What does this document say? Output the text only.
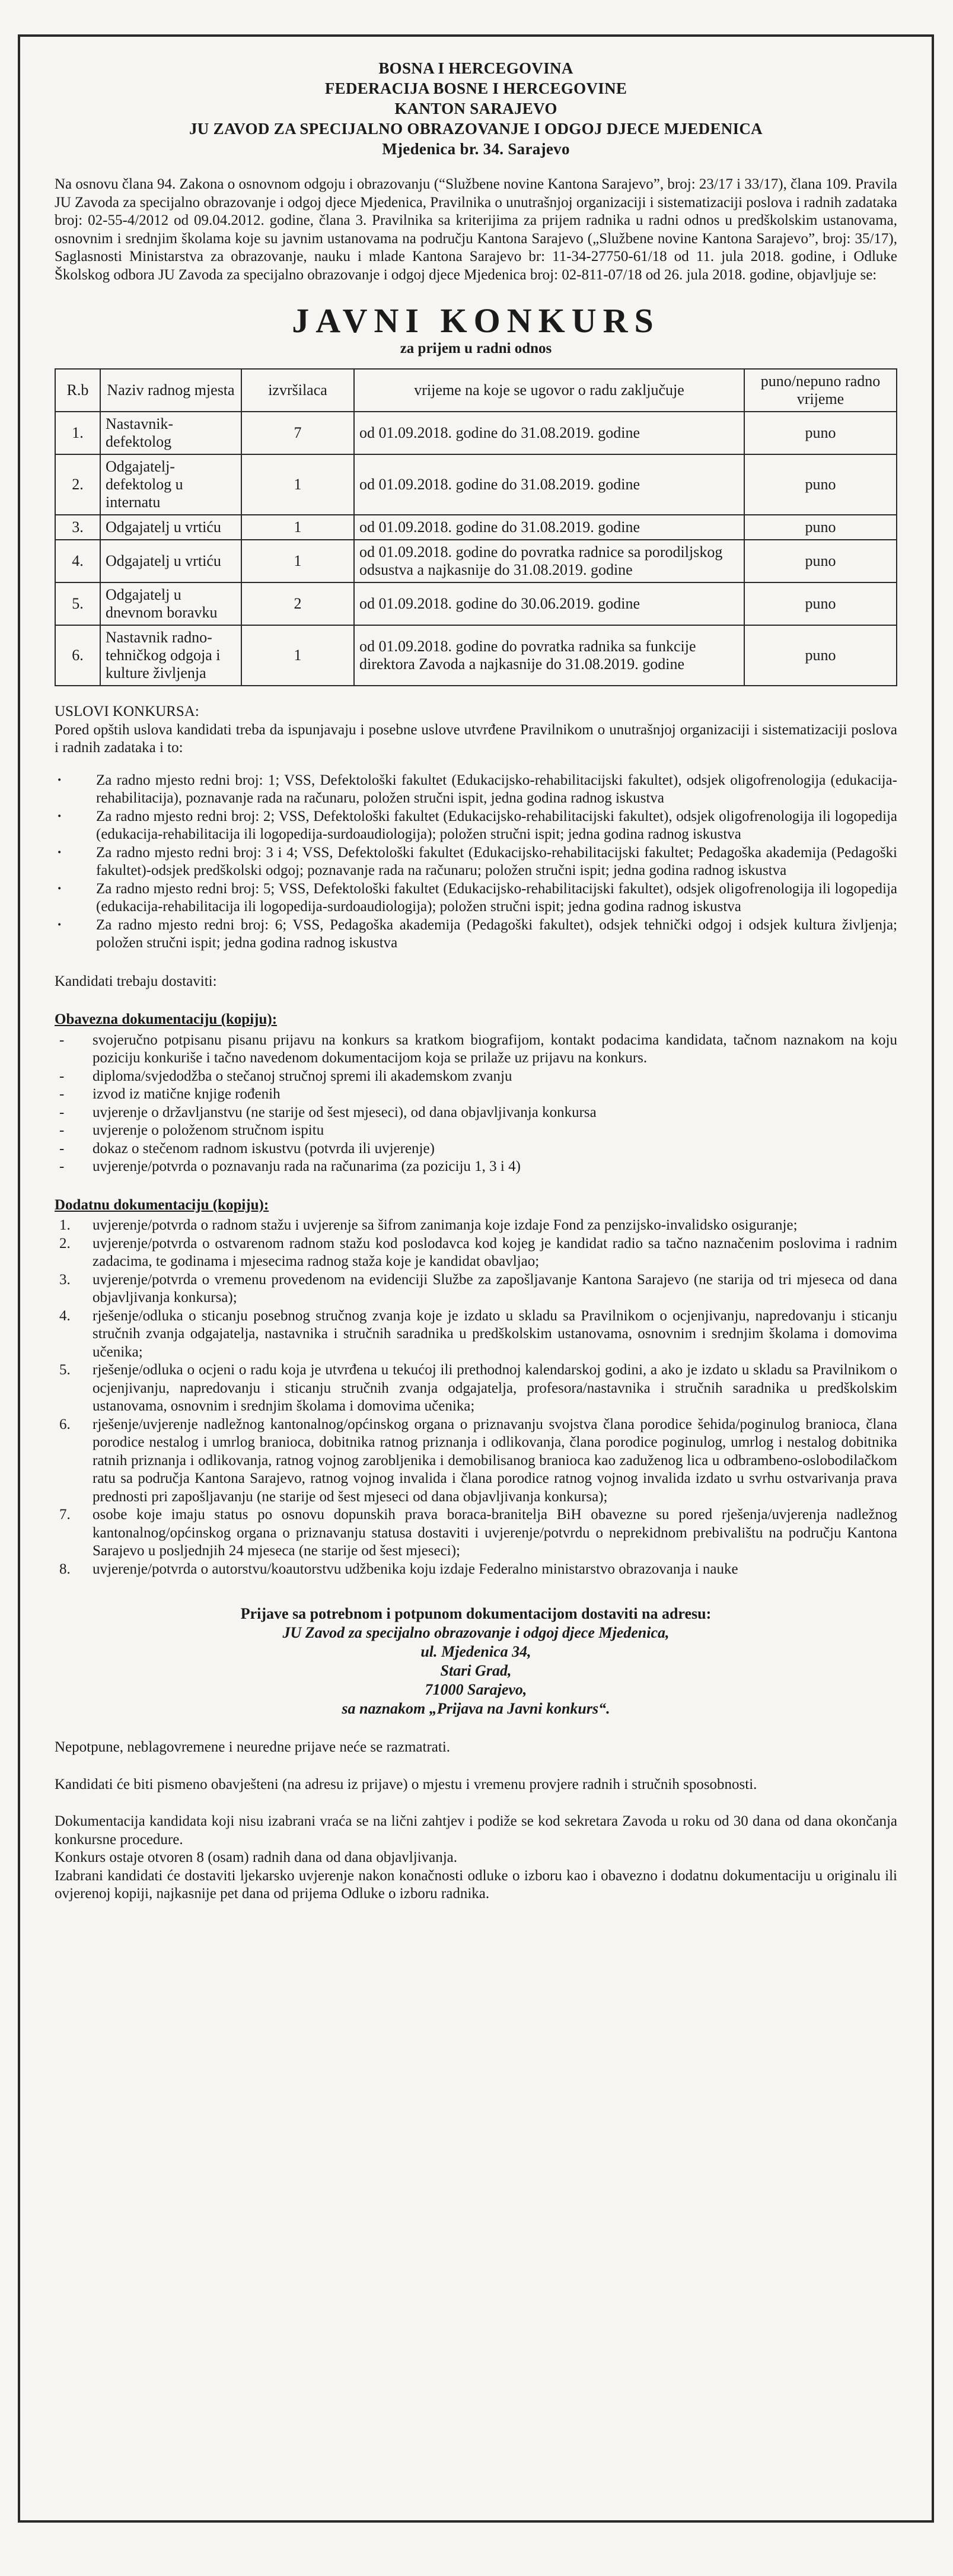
BOSNA I HERCEGOVINA
FEDERACIJA BOSNE I HERCEGOVINE
KANTON SARAJEVO
JU ZAVOD ZA SPECIJALNO OBRAZOVANJE I ODGOJ DJECE MJEDENICA
Mjedenica br. 34. Sarajevo
Na osnovu člana 94. Zakona o osnovnom odgoju i obrazovanju (“Službene novine Kantona Sarajevo”, broj: 23/17 i 33/17), člana 109. Pravila JU Zavoda za specijalno obrazovanje i odgoj djece Mjedenica, Pravilnika o unutrašnjoj organizaciji i sistematizaciji poslova i radnih zadataka broj: 02-55-4/2012 od 09.04.2012. godine, člana 3. Pravilnika sa kriterijima za prijem radnika u radni odnos u predškolskim ustanovama, osnovnim i srednjim školama koje su javnim ustanovama na području Kantona Sarajevo („Službene novine Kantona Sarajevo”, broj: 35/17), Saglasnosti Ministarstva za obrazovanje, nauku i mlade Kantona Sarajevo br: 11-34-27750-61/18 od 11. jula 2018. godine, i Odluke Školskog odbora JU Zavoda za specijalno obrazovanje i odgoj djece Mjedenica broj: 02-811-07/18 od 26. jula 2018. godine, objavljuje se:
JAVNI KONKURS
za prijem u radni odnos
R.b	Naziv radnog mjesta	izvršilaca	vrijeme na koje se ugovor o radu zaključuje	puno/nepuno radno vrijeme
1.	Nastavnik-defektolog	7	od 01.09.2018. godine do 31.08.2019. godine	puno
2.	Odgajatelj-defektolog u internatu	1	od 01.09.2018. godine do 31.08.2019. godine	puno
3.	Odgajatelj u vrtiću	1	od 01.09.2018. godine do 31.08.2019. godine	puno
4.	Odgajatelj u vrtiću	1	od 01.09.2018. godine do povratka radnice sa porodiljskog odsustva a najkasnije do 31.08.2019. godine	puno
5.	Odgajatelj u dnevnom boravku	2	od 01.09.2018. godine do 30.06.2019. godine	puno
6.	Nastavnik radno-tehničkog odgoja i kulture življenja	1	od 01.09.2018. godine do povratka radnika sa funkcije direktora Zavoda a najkasnije do 31.08.2019. godine	puno
USLOVI KONKURSA:
Pored opštih uslova kandidati treba da ispunjavaju i posebne uslove utvrđene Pravilnikom o unutrašnjoj organizaciji i sistematizaciji poslova i radnih zadataka i to:
· Za radno mjesto redni broj: 1; VSS, Defektološki fakultet (Edukacijsko-rehabilitacijski fakultet), odsjek oligofrenologija (edukacija-rehabilitacija), poznavanje rada na računaru, položen stručni ispit, jedna godina radnog iskustva
· Za radno mjesto redni broj: 2; VSS, Defektološki fakultet (Edukacijsko-rehabilitacijski fakultet), odsjek oligofrenologija ili logopedija (edukacija-rehabilitacija ili logopedija-surdoaudiologija); položen stručni ispit; jedna godina radnog iskustva
· Za radno mjesto redni broj: 3 i 4; VSS, Defektološki fakultet (Edukacijsko-rehabilitacijski fakultet; Pedagoška akademija (Pedagoški fakultet)-odsjek predškolski odgoj; poznavanje rada na računaru; položen stručni ispit; jedna godina radnog iskustva
· Za radno mjesto redni broj: 5; VSS, Defektološki fakultet (Edukacijsko-rehabilitacijski fakultet), odsjek oligofrenologija ili logopedija (edukacija-rehabilitacija ili logopedija-surdoaudiologija); položen stručni ispit; jedna godina radnog iskustva
· Za radno mjesto redni broj: 6; VSS, Pedagoška akademija (Pedagoški fakultet), odsjek tehnički odgoj i odsjek kultura življenja; položen stručni ispit; jedna godina radnog iskustva
Kandidati trebaju dostaviti:
Obavezna dokumentaciju (kopiju):
- svojeručno potpisanu pisanu prijavu na konkurs sa kratkom biografijom, kontakt podacima kandidata, tačnom naznakom na koju poziciju konkuriše i tačno navedenom dokumentacijom koja se prilaže uz prijavu na konkurs.
- diploma/svjedodžba o stečanoj stručnoj spremi ili akademskom zvanju
- izvod iz matične knjige rođenih
- uvjerenje o državljanstvu (ne starije od šest mjeseci), od dana objavljivanja konkursa
- uvjerenje o položenom stručnom ispitu
- dokaz o stečenom radnom iskustvu (potvrda ili uvjerenje)
- uvjerenje/potvrda o poznavanju rada na računarima (za poziciju 1, 3 i 4)
Dodatnu dokumentaciju (kopiju):
1. uvjerenje/potvrda o radnom stažu i uvjerenje sa šifrom zanimanja koje izdaje Fond za penzijsko-invalidsko osiguranje;
2. uvjerenje/potvrda o ostvarenom radnom stažu kod poslodavca kod kojeg je kandidat radio sa tačno naznačenim poslovima i radnim zadacima, te godinama i mjesecima radnog staža koje je kandidat obavljao;
3. uvjerenje/potvrda o vremenu provedenom na evidenciji Službe za zapošljavanje Kantona Sarajevo (ne starija od tri mjeseca od dana objavljivanja konkursa);
4. rješenje/odluka o sticanju posebnog stručnog zvanja koje je izdato u skladu sa Pravilnikom o ocjenjivanju, napredovanju i sticanju stručnih zvanja odgajatelja, nastavnika i stručnih saradnika u predškolskim ustanovama, osnovnim i srednjim školama i domovima učenika;
5. rješenje/odluka o ocjeni o radu koja je utvrđena u tekućoj ili prethodnoj kalendarskoj godini, a ako je izdato u skladu sa Pravilnikom o ocjenjivanju, napredovanju i sticanju stručnih zvanja odgajatelja, profesora/nastavnika i stručnih saradnika u predškolskim ustanovama, osnovnim i srednjim školama i domovima učenika;
6. rješenje/uvjerenje nadležnog kantonalnog/općinskog organa o priznavanju svojstva člana porodice šehida/poginulog branioca, člana porodice nestalog i umrlog branioca, dobitnika ratnog priznanja i odlikovanja, člana porodice poginulog, umrlog i nestalog dobitnika ratnih priznanja i odlikovanja, ratnog vojnog zarobljenika i demobilisanog branioca kao zaduženog lica u odbrambeno-oslobodilačkom ratu sa područja Kantona Sarajevo, ratnog vojnog invalida i člana porodice ratnog vojnog invalida izdato u svrhu ostvarivanja prava prednosti pri zapošljavanju (ne starije od šest mjeseci od dana objavljivanja konkursa);
7. osobe koje imaju status po osnovu dopunskih prava boraca-branitelja BiH obavezne su pored rješenja/uvjerenja nadležnog kantonalnog/općinskog organa o priznavanju statusa dostaviti i uvjerenje/potvrdu o neprekidnom prebivalištu na području Kantona Sarajevo u posljednjih 24 mjeseca (ne starije od šest mjeseci);
8. uvjerenje/potvrda o autorstvu/koautorstvu udžbenika koju izdaje Federalno ministarstvo obrazovanja i nauke
Prijave sa potrebnom i potpunom dokumentacijom dostaviti na adresu:
JU Zavod za specijalno obrazovanje i odgoj djece Mjedenica,
ul. Mjedenica 34,
Stari Grad,
71000 Sarajevo,
sa naznakom „Prijava na Javni konkurs“.

Nepotpune, neblagovremene i neuredne prijave neće se razmatrati.

Kandidati će biti pismeno obavješteni (na adresu iz prijave) o mjestu i vremenu provjere radnih i stručnih sposobnosti.

Dokumentacija kandidata koji nisu izabrani vraća se na lični zahtjev i podiže se kod sekretara Zavoda u roku od 30 dana od dana okončanja konkursne procedure.

Konkurs ostaje otvoren 8 (osam) radnih dana od dana objavljivanja.

Izabrani kandidati će dostaviti ljekarsko uvjerenje nakon konačnosti odluke o izboru kao i obavezno i dodatnu dokumentaciju u originalu ili ovjerenoj kopiji, najkasnije pet dana od prijema Odluke o izboru radnika.
